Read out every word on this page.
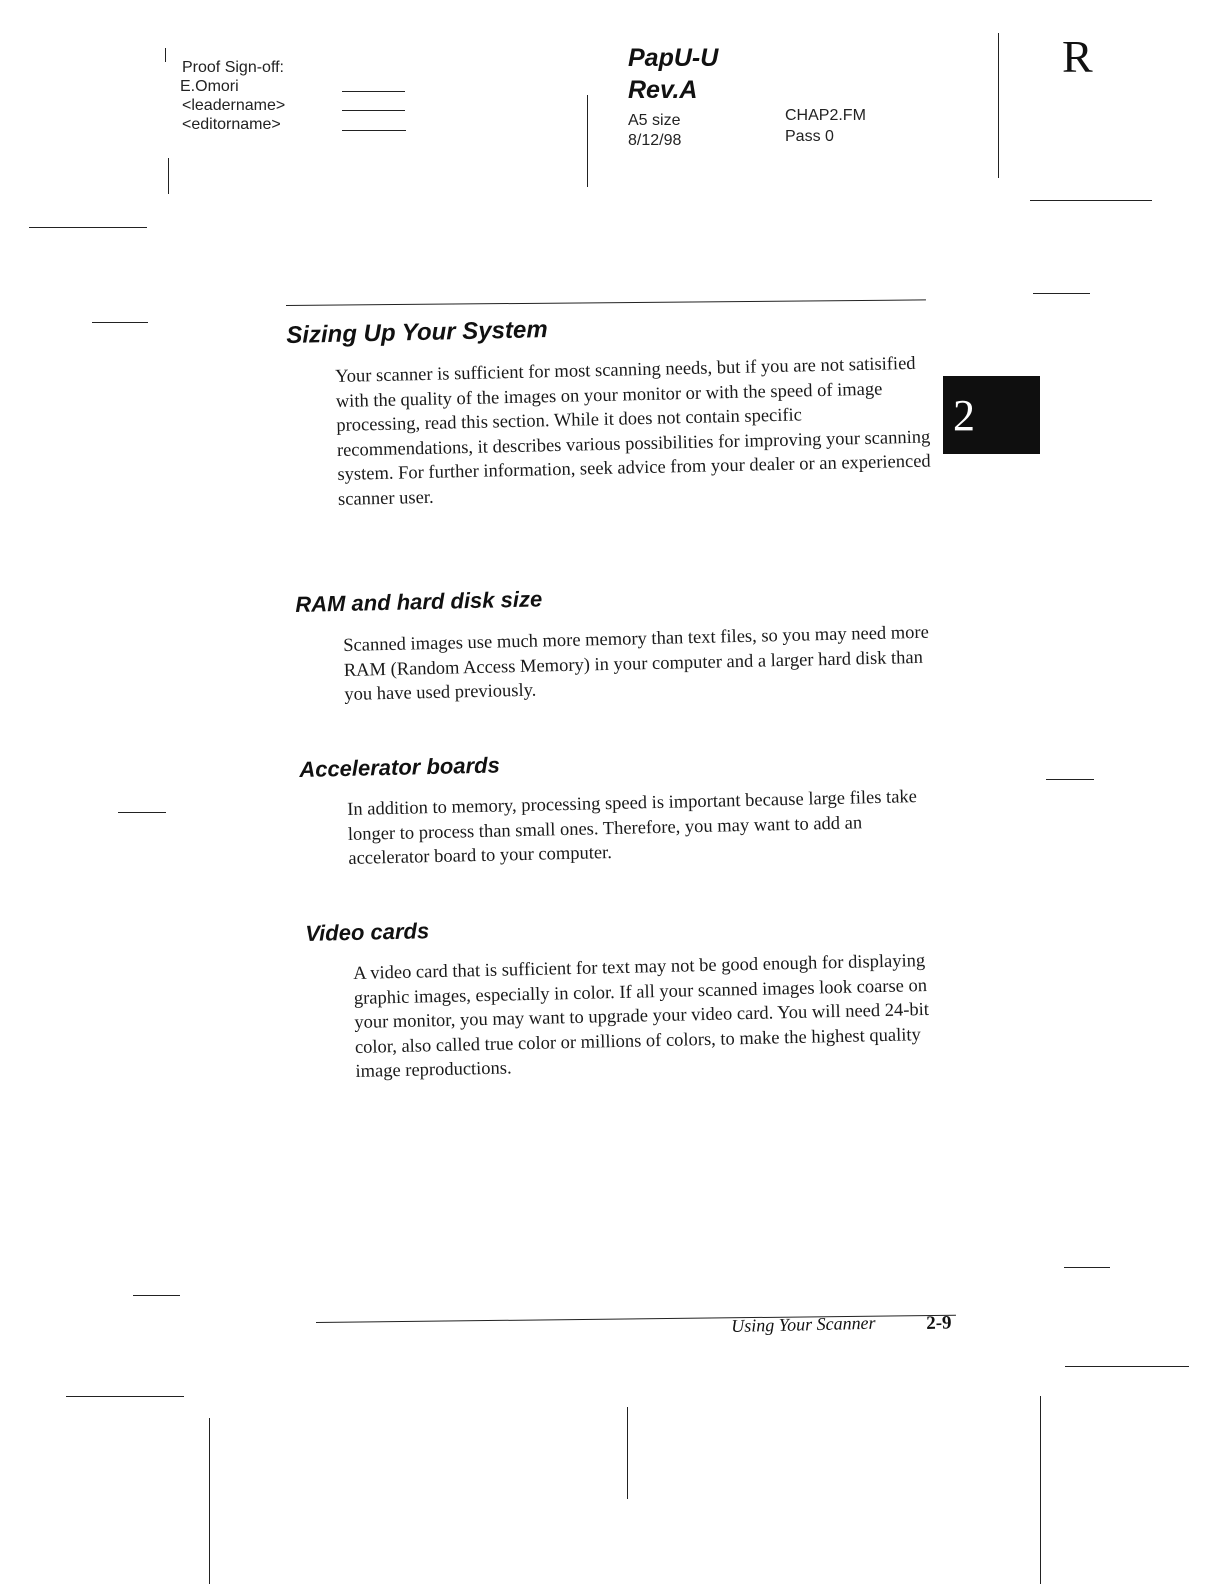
Proof Sign-off:
E.Omori
<leadername>
<editorname>
PapU-U
Rev.A
A5 size
8/12/98
CHAP2.FM
Pass 0
R
2
Sizing Up Your System
Your scanner is sufficient for most scanning needs, but if you are not satisified with the quality of the images on your monitor or with the speed of image processing, read this section. While it does not contain specific recommendations, it describes various possibilities for improving your scanning system. For further information, seek advice from your dealer or an experienced scanner user.
RAM and hard disk size
Scanned images use much more memory than text files, so you may need more RAM (Random Access Memory) in your computer and a larger hard disk than you have used previously.
Accelerator boards
In addition to memory, processing speed is important because large files take longer to process than small ones. Therefore, you may want to add an accelerator board to your computer.
Video cards
A video card that is sufficient for text may not be good enough for displaying graphic images, especially in color. If all your scanned images look coarse on your monitor, you may want to upgrade your video card. You will need 24-bit color, also called true color or millions of colors, to make the highest quality image reproductions.
Using Your Scanner	2-9
